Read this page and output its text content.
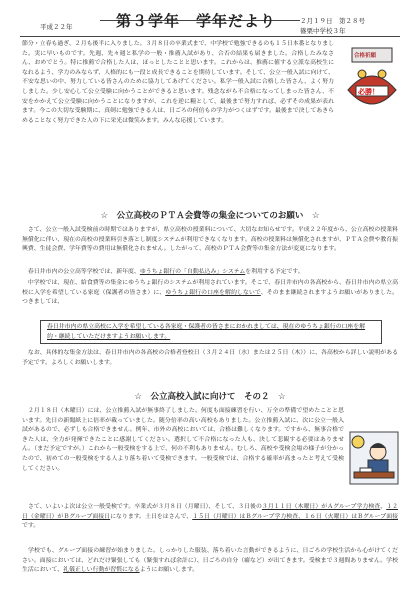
平成２２年	第３学年　学年だより	２月１９日　第２８号
篠栗中学校３年
節分・立春も過ぎ、２月も後半に入りました。３月８日の卒業式まで、中学校で勉強できるのも１５日本番となりました。実に早いものです。先週、先々週と私学の一般・推薦入試があり、合否の結果も届きました。合格したみなさん、おめでとう。特に推薦で合格した人は、ほっとしたことと思います。これからは、推薦に値する立派な高校生になれるよう、学力のみならず、人格的にも一段と成長できることを期待しています。そして、公立一般入試に向けて、不安な思いの中、努力している皆さんのために協力してあげてください。私学一般入試に合格した皆さん、よく努力しました。少し安心して公立受験に向かうことができると思います。残念ながら不合格になってしまった皆さん、不安をかかえて公立受験に向かうことになりますが、これを逆に糧として、最後まで努力すれば、必ずその成果が表れます。今この大切な受験期に、真剣に勉強できる人は、日ごろの何倍もの学力がつくはずです。最後まで決してあきらめることなく努力できた人の下に栄光は微笑みます。みんな応援しています。
合格祈願
必勝！
☆　公立高校のＰＴＡ会費等の集金についてのお願い　☆
　さて、公立一般入試受検前の時期ではありますが、県立高校の授業料について、大切なお知らせです。平成２２年度から、公立高校の授業料無償化に伴い、現在の高校の授業料引き落とし制度システムが利用できなくなります。高校の授業料は無償化されますが、ＰＴＡ会費や教育振興費、生徒会費、学年費等の費用は無償化されません。したがって、高校のＰＴＡ会費等の集金方法が変更になります。
　春日井市内の公立高等学校では、新年度、ゆうちょ銀行の「自動払込み」システムを利用する予定です。
　中学校では、現在、給食費等の集金にゆうちょ銀行のシステムが利用されています。そこで、春日井市内の各高校から、春日井市内の県立高校に入学を希望している家庭（保護者の皆さま）に、ゆうちょ銀行の口座を解約しないで、そのまま継続されますようお願いがありました。つきましては、
春日井市内の県立高校に入学を希望している各家庭・保護者の皆さまにおかれましては、現在のゆうちょ銀行の口座を解約・継続していただけますようお願いします。
　なお、具体的な集金方法は、春日井市内の各高校の合格者登校日（３月２４日（水）または２５日（木））に、各高校から詳しい説明がある予定です。よろしくお願いします。
☆　公立高校入試に向けて　その２　☆
　２月１８日（木曜日）には、公立推薦入試が無事終了しました。何度も面接練習を行い、万全の準備で望めたことと思います。先日の新聞紙上に倍率が載っていました。随分倍率の高い高校もありました。公立推薦入試に、次に公立一般入試があるので、必ずしも合格できません。例年、市外の高校においては、合格は難しくなります。ですから、無事合格できた人は、全力が発揮できたことに感謝してください。選択して不合格になった人も、決して悲観する必要はありません。（まだ予定ですが。）これから一般受検をする上で、何の不利もありません。むしろ、高校や受検会場の様子が分かったので、初めての一般受検をする人より落ち着いて受検できます。一般受検では、合格する確率が高まったと考えて受検してください。
　さて、いよいよ次は公立一般受検です。卒業式が３月８日（月曜日）、そして、３日後の３月１１日（木曜日）がＡグループ学力検査、１２日（金曜日）がＢグループ面接日になります。土日をはさんで、１５日（月曜日）はＢグループ学力検査、１６日（火曜日）はＢグループ面接です。
　学校でも、グループ面接の練習が始まりました。しっかりした服装、落ち着いた言動ができるように、日ごろの学校生活から心がけてください。面接においては、どれだけ緊張しても（緊張すれば余計に）、日ごろの自分（癖など）が出てきます。受検まで３週間ありません。学校生活において、礼儀正しい行動が習慣になるようにお願いします。
